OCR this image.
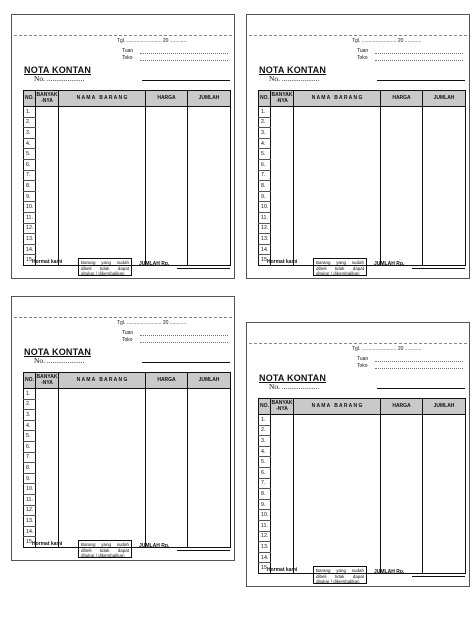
Tgl. ......................... 20 ............
Tuan
Toko
NOTA KONTAN
No. ....................
NO.	BANYAK -NYA	N A M A   B A R A N G	HARGA	JUMLAH
1.				
2.				
3.				
4.				
5.				
6.				
7.				
8.				
9.				
10.				
11.				
12.				
13.				
14.				
15.				
Hormat kami	Barang yang sudah dibeli tidak dapat ditukar / dikembalikan
JUMLAH Rp.
Tgl. ......................... 20 ............
Tuan
Toko
NOTA KONTAN
No. ....................
NO.	BANYAK -NYA	N A M A   B A R A N G	HARGA	JUMLAH
1.				
2.				
3.				
4.				
5.				
6.				
7.				
8.				
9.				
10.				
11.				
12.				
13.				
14.				
15.				
Hormat kami	Barang yang sudah dibeli tidak dapat ditukar / dikembalikan
JUMLAH Rp.
Tgl. ......................... 20 ............
Tuan
Toko
NOTA KONTAN
No. ....................
NO.	BANYAK -NYA	N A M A   B A R A N G	HARGA	JUMLAH
1.				
2.				
3.				
4.				
5.				
6.				
7.				
8.				
9.				
10.				
11.				
12.				
13.				
14.				
15.				
Hormat kami	Barang yang sudah dibeli tidak dapat ditukar / dikembalikan
JUMLAH Rp.
Tgl. ......................... 20 ............
Tuan
Toko
NOTA KONTAN
No. ....................
NO.	BANYAK -NYA	N A M A   B A R A N G	HARGA	JUMLAH
1.				
2.				
3.				
4.				
5.				
6.				
7.				
8.				
9.				
10.				
11.				
12.				
13.				
14.				
15.				
Hormat kami	Barang yang sudah dibeli tidak dapat ditukar / dikembalikan
JUMLAH Rp.
